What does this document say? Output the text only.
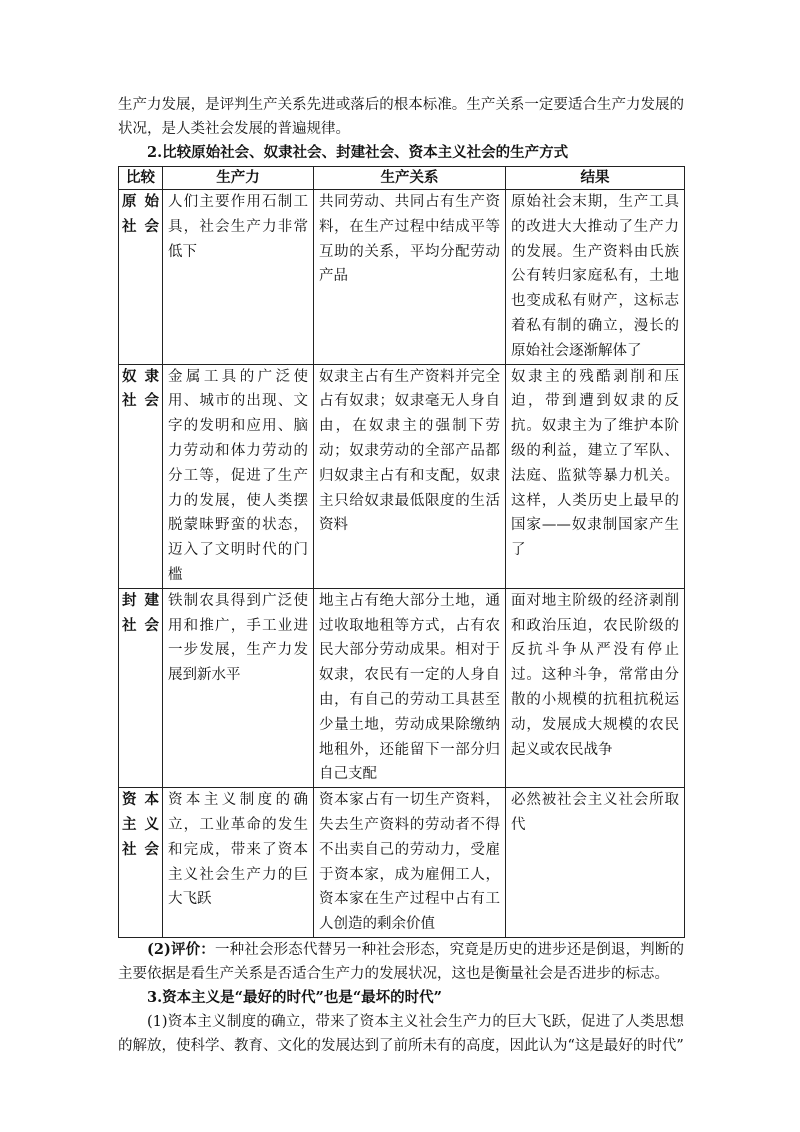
生产力发展，是评判生产关系先进或落后的根本标准。生产关系一定要适合生产力发展的状况，是人类社会发展的普遍规律。

2.比较原始社会、奴隶社会、封建社会、资本主义社会的生产方式

比较	生产力	生产关系	结果
原始社会	人们主要作用石制工具，社会生产力非常低下	共同劳动、共同占有生产资料，在生产过程中结成平等互助的关系，平均分配劳动产品	原始社会末期，生产工具的改进大大推动了生产力的发展。生产资料由氏族公有转归家庭私有，土地也变成私有财产，这标志着私有制的确立，漫长的原始社会逐渐解体了
奴隶社会	金属工具的广泛使用、城市的出现、文字的发明和应用、脑力劳动和体力劳动的分工等，促进了生产力的发展，使人类摆脱蒙昧野蛮的状态，迈入了文明时代的门槛	奴隶主占有生产资料并完全占有奴隶；奴隶毫无人身自由，在奴隶主的强制下劳动；奴隶劳动的全部产品都归奴隶主占有和支配，奴隶主只给奴隶最低限度的生活资料	奴隶主的残酷剥削和压迫，带到遭到奴隶的反抗。奴隶主为了维护本阶级的利益，建立了军队、法庭、监狱等暴力机关。这样，人类历史上最早的国家——奴隶制国家产生了
封建社会	铁制农具得到广泛使用和推广，手工业进一步发展，生产力发展到新水平	地主占有绝大部分土地，通过收取地租等方式，占有农民大部分劳动成果。相对于奴隶，农民有一定的人身自由，有自己的劳动工具甚至少量土地，劳动成果除缴纳地租外，还能留下一部分归自己支配	面对地主阶级的经济剥削和政治压迫，农民阶级的反抗斗争从严没有停止过。这种斗争，常常由分散的小规模的抗租抗税运动，发展成大规模的农民起义或农民战争
资本主义社会	资本主义制度的确立，工业革命的发生和完成，带来了资本主义社会生产力的巨大飞跃	资本家占有一切生产资料，失去生产资料的劳动者不得不出卖自己的劳动力，受雇于资本家，成为雇佣工人，资本家在生产过程中占有工人创造的剩余价值	必然被社会主义社会所取代

(2)评价：一种社会形态代替另一种社会形态，究竟是历史的进步还是倒退，判断的主要依据是看生产关系是否适合生产力的发展状况，这也是衡量社会是否进步的标志。

3.资本主义是“最好的时代”也是“最坏的时代”

(1)资本主义制度的确立，带来了资本主义社会生产力的巨大飞跃，促进了人类思想的解放，使科学、教育、文化的发展达到了前所未有的高度，因此认为“这是最好的时代”
